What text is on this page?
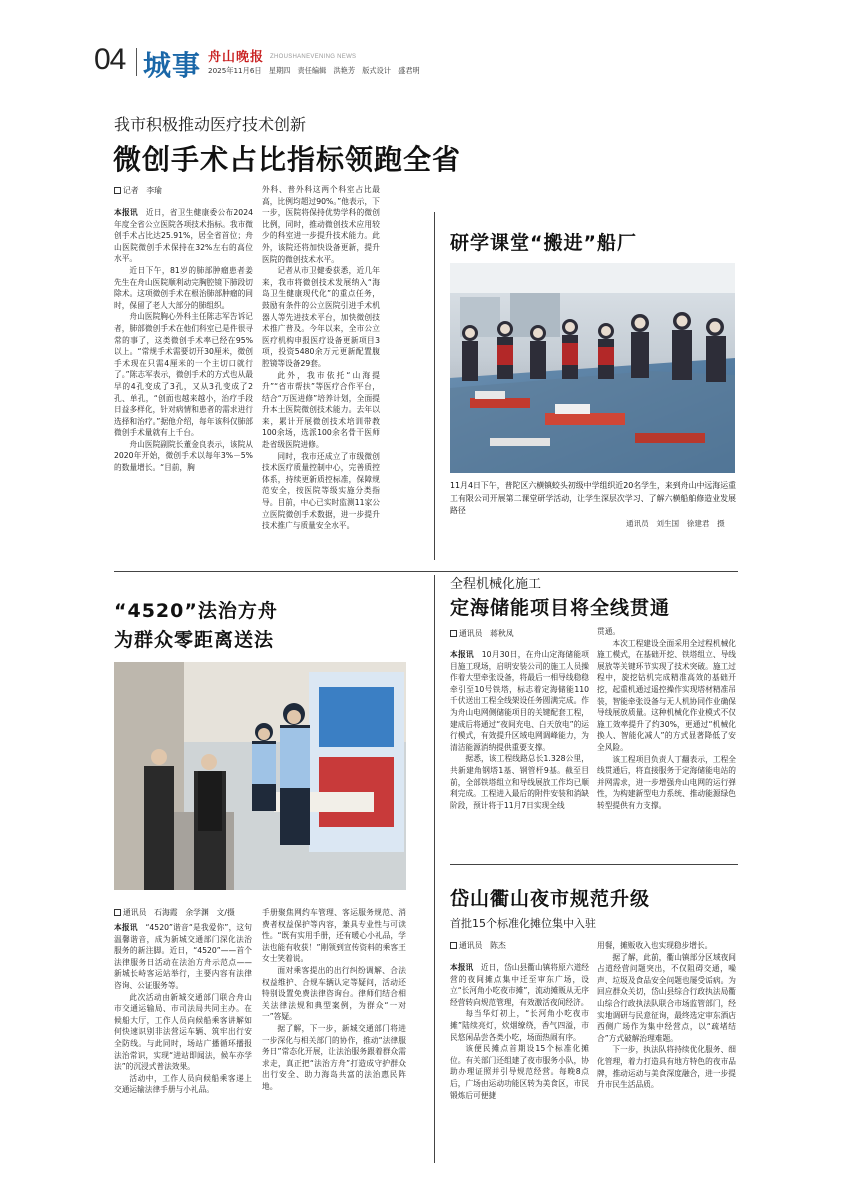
04 城事 舟山晚报 ZHOUSHANEVENING NEWS
2025年11月6日　星期四　责任编辑　洪艳芳　版式设计　盛君明
我市积极推动医疗技术创新
微创手术占比指标领跑全省
记者　李瑜

本报讯　 近日，省卫生健康委公布2024年度全省公立医院各项技术指标。我市微创手术占比达25.91%，居全省首位；舟山医院微创手术保持在32%左右的高位水平。

近日下午，81岁的肺部肿瘤患者姜先生在舟山医院顺利动完胸腔镜下肺段切除术。这项微创手术在根治肺部肿瘤的同时，保留了老人大部分的肺组织。

舟山医院胸心外科主任陈志军告诉记者，肺部微创手术在他们科室已是件很寻常的事了，这类微创手术率已经在95%以上。“常规手术需要切开30厘米，微创手术现在只需4厘米的一个主切口就行了。”陈志军表示，微创手术的方式也从最早的4孔变成了3孔，又从3孔变成了2孔、单孔，“创面也越来越小，治疗手段日益多样化，针对病情和患者的需求进行选择和治疗。”据他介绍，每年该科仅肺部微创手术量就有上千台。

舟山医院副院长董金良表示，该院从2020年开始，微创手术以每年3%－5%的数量增长。“目前，胸

外科、普外科这两个科室占比最高，比例均超过90%。”他表示，下一步，医院将保持优势学科的微创比例，同时，推动微创技术应用较少的科室进一步提升技术能力。此外，该院还将加快设备更新，提升医院的微创技术水平。

记者从市卫健委获悉，近几年来，我市将微创技术发展纳入“海岛卫生健康现代化”的重点任务，鼓励有条件的公立医院引进手术机器人等先进技术平台，加快微创技术推广普及。今年以来，全市公立医疗机构申报医疗设备更新项目3项，投资5480余万元更新配置腹腔镜等设备29套。

此外，我市依托“山海提升”“省市帮扶”等医疗合作平台，结合“万医进修”培养计划，全面提升本土医院微创技术能力。去年以来，累计开展微创技术培训带教100余场，选派100余名骨干医师赴省级医院进修。

同时，我市还成立了市级微创技术医疗质量控制中心，完善质控体系，持续更新质控标准，保障规范安全，按医院等级实施分类指导。目前，中心已实时监测11家公立医院微创手术数据，进一步提升技术推广与质量安全水平。

研学课堂“搬进”船厂
11月4日下午，普陀区六横镇蛟头初级中学组织近20名学生，来到舟山中远海运重工有限公司开展第二课堂研学活动，让学生深层次学习、了解六横船舶修造业发展路径
通讯员　刘生国　徐建君　摄
“4520”法治方舟
为群众零距离送法
通讯员　石海霞　余学渊　文/摄

本报讯　 “4520”谐音“是我爱你”，这句温馨谐音，成为新城交通部门深化法治服务的新注脚。近日，“4520”——首个法律服务日活动在法治方舟示范点——新城长峙客运站举行，主要内容有法律咨询、公证服务等。

此次活动由新城交通部门联合舟山市交通运输局、市司法局共同主办。在候船大厅，工作人员向候船乘客讲解如何快速识别非法营运车辆、筑牢出行安全防线。与此同时，场站广播循环播报法治常识，实现“进站即闻法，候车亦学法”的沉浸式普法效果。

活动中，工作人员向候船乘客递上交通运输法律手册与小礼品。

手册聚焦网约车管理、客运服务规范、消费者权益保护等内容，兼具专业性与可读性。“既有实用手册，还有暖心小礼品，学法也能有收获！”刚领到宣传资料的乘客王女士笑着说。

面对乘客提出的出行纠纷调解、合法权益维护、合规车辆认定等疑问，活动还特别设置免费法律咨询台。律师们结合相关法律法规和典型案例，为群众“一对一”答疑。

据了解，下一步，新城交通部门将进一步深化与相关部门的协作，推动“法律服务日”常态化开展，让法治服务跟着群众需求走，真正把“法治方舟”打造成守护群众出行安全、助力海岛共富的法治惠民阵地。

全程机械化施工
定海储能项目将全线贯通
通讯员　蒋秋凤

本报讯　 10月30日，在舟山定海储能项目施工现场，启明安装公司的施工人员操作着大型牵张设备，将最后一相导线稳稳牵引至10号铁塔，标志着定海储能110千伏送出工程全线架设任务圆满完成。作为舟山电网侧储能项目的关键配套工程，建成后将通过“夜间充电、白天放电”的运行模式，有效提升区域电网调峰能力，为清洁能源消纳提供重要支撑。

据悉，该工程线路总长1.328公里，共新建角钢塔1基、钢管杆9基。截至目前，全部铁塔组立和导线展放工作均已顺利完成。工程进入最后的附件安装和消缺阶段，预计将于11月7日实现全线

贯通。

本次工程建设全面采用全过程机械化施工模式，在基础开挖、铁塔组立、导线展放等关键环节实现了技术突破。施工过程中，旋挖钻机完成精准高效的基础开挖，起重机通过遥控操作实现塔材精准吊装，智能牵张设备与无人机协同作业确保导线展放质量。这种机械化作业模式不仅施工效率提升了约30%，更通过“机械化换人、智能化减人”的方式显著降低了安全风险。

该工程项目负责人丁翻表示，工程全线贯通后，将直接服务于定海储能电站的并网需求，进一步增强舟山电网的运行弹性，为构建新型电力系统、推动能源绿色转型提供有力支撑。

岱山衢山夜市规范升级
首批15个标准化摊位集中入驻
通讯员　陈杰

本报讯　 近日，岱山县衢山镇将原六道经营的夜间摊点集中迁至审东广场，设立“长河角小吃夜市摊”，流动摊贩从无序经营转向规范管理，有效激活夜间经济。

每当华灯初上，“长河角小吃夜市摊”陆续亮灯，炊烟缭绕，香气四溢，市民悠闲品尝各类小吃，场面热闹有序。

该便民摊点首期设15个标准化摊位。有关部门还组建了夜市服务小队，协助办理证照并引导规范经营。每晚8点后，广场由运动功能区转为美食区，市民锻炼后可便捷

用餐，摊贩收入也实现稳步增长。

据了解，此前，衢山镇部分区域夜间占道经营问题突出，不仅阻碍交通，噪声、垃圾及食品安全问题也屡受诟病。为回应群众关切，岱山县综合行政执法局衢山综合行政执法队联合市场监管部门，经实地调研与民意征询，最终选定审东酒店西侧广场作为集中经营点，以“疏堵结合”方式破解治理难题。

下一步，执法队将持续优化服务、细化管理，着力打造具有地方特色的夜市品牌，推动运动与美食深度融合，进一步提升市民生活品质。
